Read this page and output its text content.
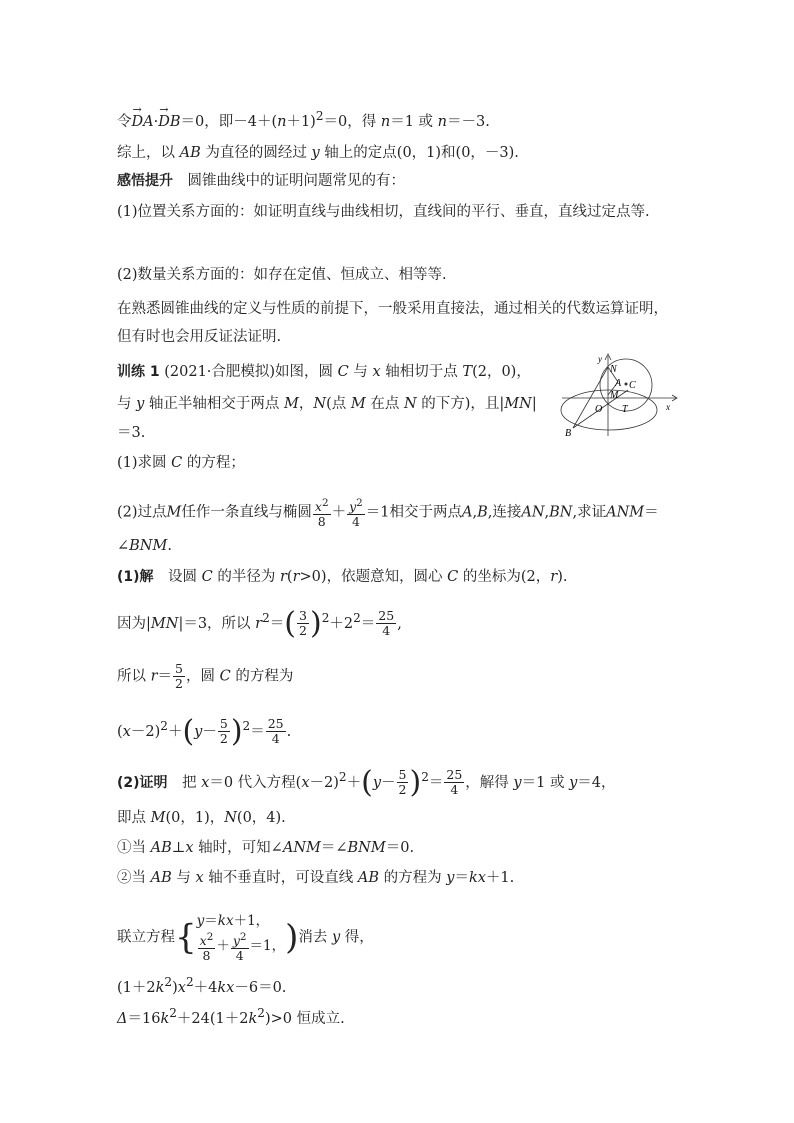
令→ DA·→ DB＝0，即$-4+(n+1)^2=0$，得 n＝1 或 n＝－3.
综上，以 AB 为直径的圆经过 y 轴上的定点(0，1)和(0，－3).
感悟提升　圆锥曲线中的证明问题常见的有：
(1)位置关系方面的：如证明直线与曲线相切，直线间的平行、垂直，直线过定点等.
(2)数量关系方面的：如存在定值、恒成立、相等等.
在熟悉圆锥曲线的定义与性质的前提下，一般采用直接法，通过相关的代数运算证明，但有时也会用反证法证明.
训练 1 (2021·合肥模拟)如图，圆 C 与 x 轴相切于点 T(2，0)，
与 y 轴正半轴相交于两点 M，N(点 M 在点 N 的下方)，且|MN|
＝3.
y
x
N
A C
M
B
O T
(1)求圆 C 的方程；
(2)过点M任作一条直线与椭圆 $\frac{x^2}{8} + \frac{y^2}{4} =1$相交于两点A,B,连接AN,BN,求证ANM＝
∠BNM.
(1)解　设圆 C 的半径为 r(r>0)，依题意知，圆心 C 的坐标为(2，r).
因为|MN|＝3，所以 $r^2=( \frac{3}{2} )^2+2^2= \frac{25}{4}$ ,
所以 $r= \frac{5}{2}$ ，圆 C 的方程为
$(x-2)^2+(y- \frac{5}{2} )^2= \frac{25}{4}$ .
(2)证明　把 x＝0 代入方程$(x-2)^2+(y- \frac{5}{2} )^2= \frac{25}{4}$ ，解得 y＝1 或 y＝4，
即点 M(0，1)，N(0，4).
①当 AB⊥x 轴时，可知∠ANM＝∠BNM＝0.
②当 AB 与 x 轴不垂直时，可设直线 AB 的方程为 y＝kx＋1.
联立方程{ y＝kx＋1，
$\frac{x^2}{8} + \frac{y^2}{4} =1$， )消去 y 得，
$(1+2k^2)x^2+4kx-6=0$.
$\Delta=16k^2+24(1+2k^2)>0$ 恒成立.
